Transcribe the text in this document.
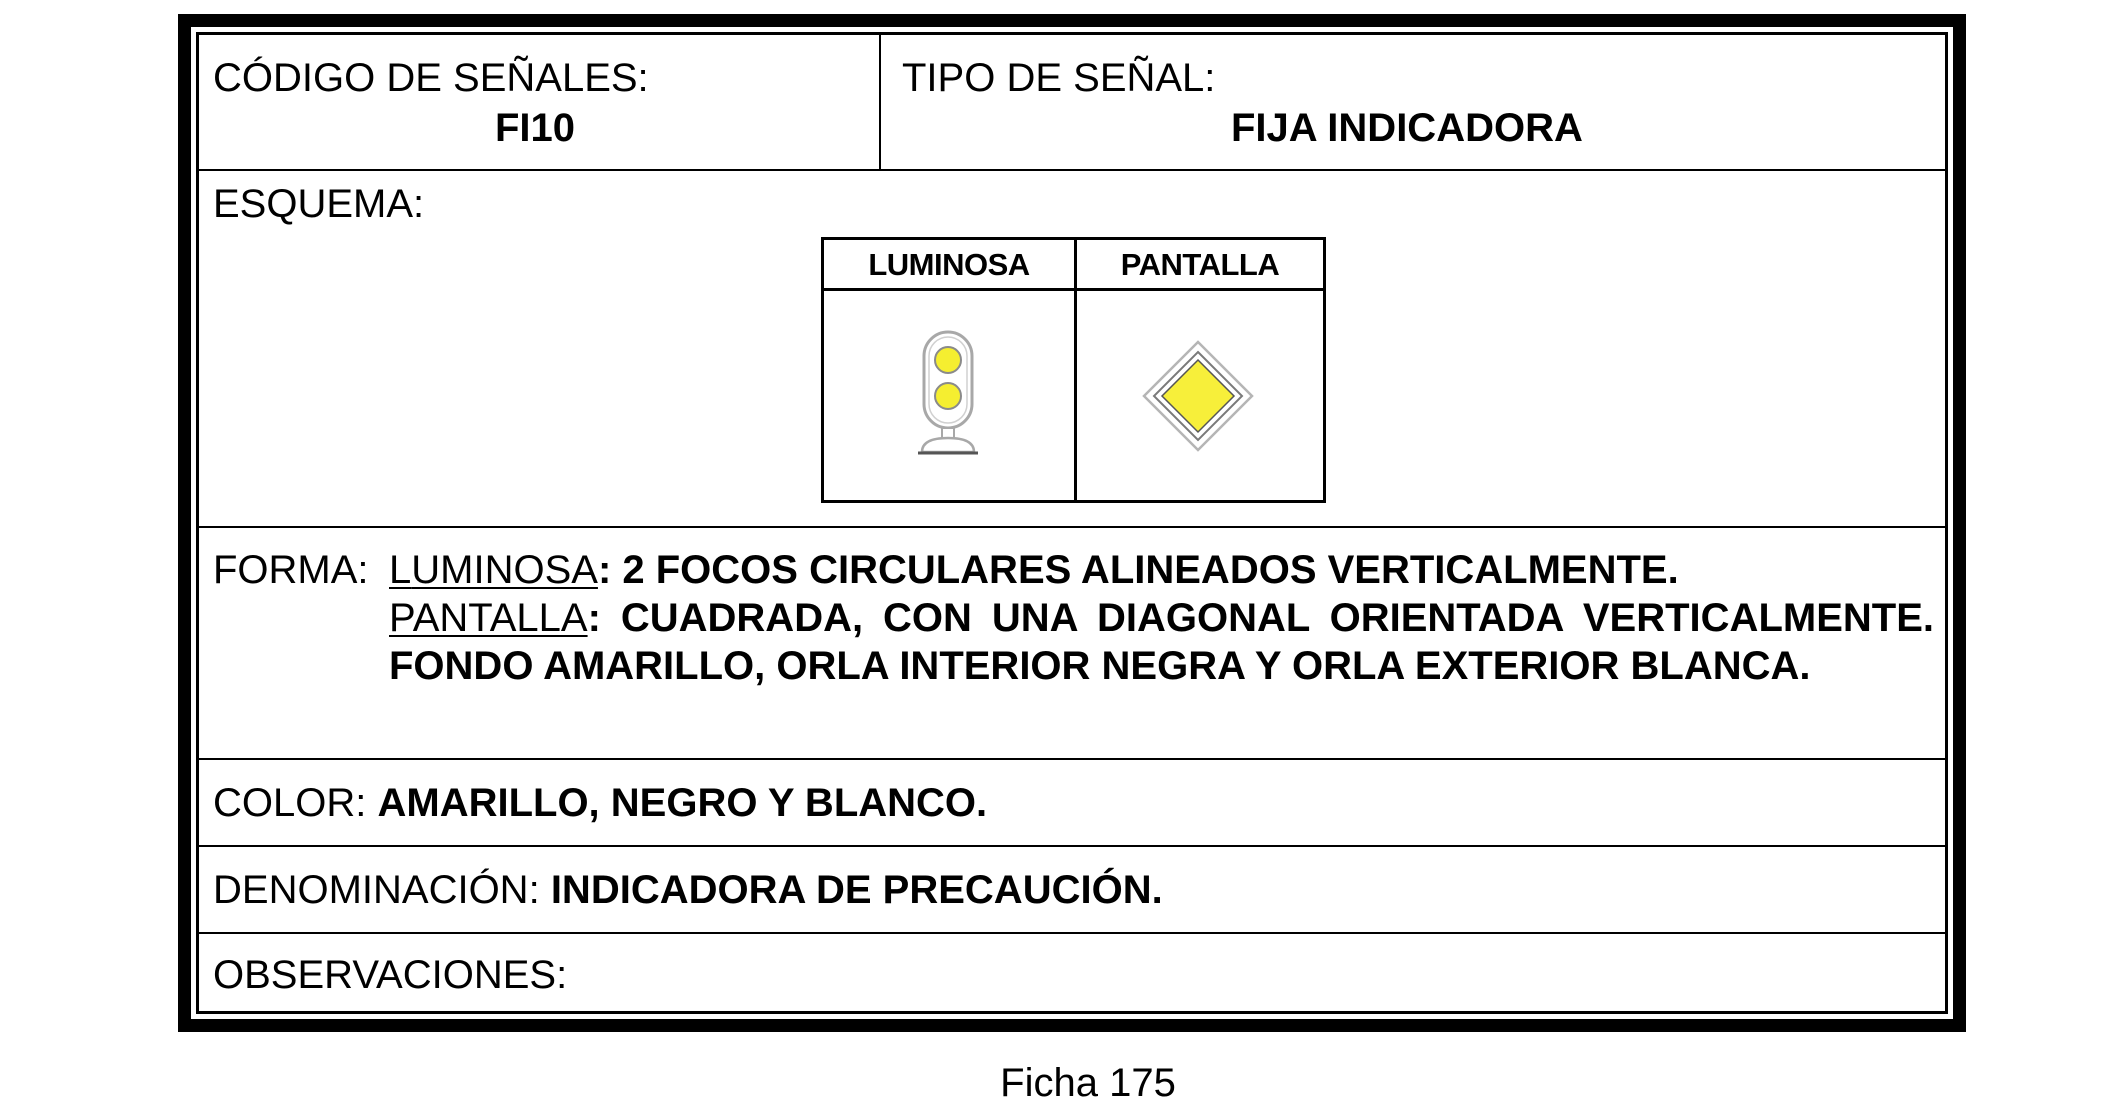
CÓDIGO DE SEÑALES:
FI10
TIPO DE SEÑAL:
FIJA INDICADORA
ESQUEMA:
LUMINOSA	PANTALLA
FORMA: LUMINOSA: 2 FOCOS CIRCULARES ALINEADOS VERTICALMENTE.
PANTALLA: CUADRADA, CON UNA DIAGONAL ORIENTADA VERTICALMENTE. FONDO AMARILLO, ORLA INTERIOR NEGRA Y ORLA EXTERIOR BLANCA.
COLOR: AMARILLO, NEGRO Y BLANCO.
DENOMINACIÓN: INDICADORA DE PRECAUCIÓN.
OBSERVACIONES:
Ficha 175
